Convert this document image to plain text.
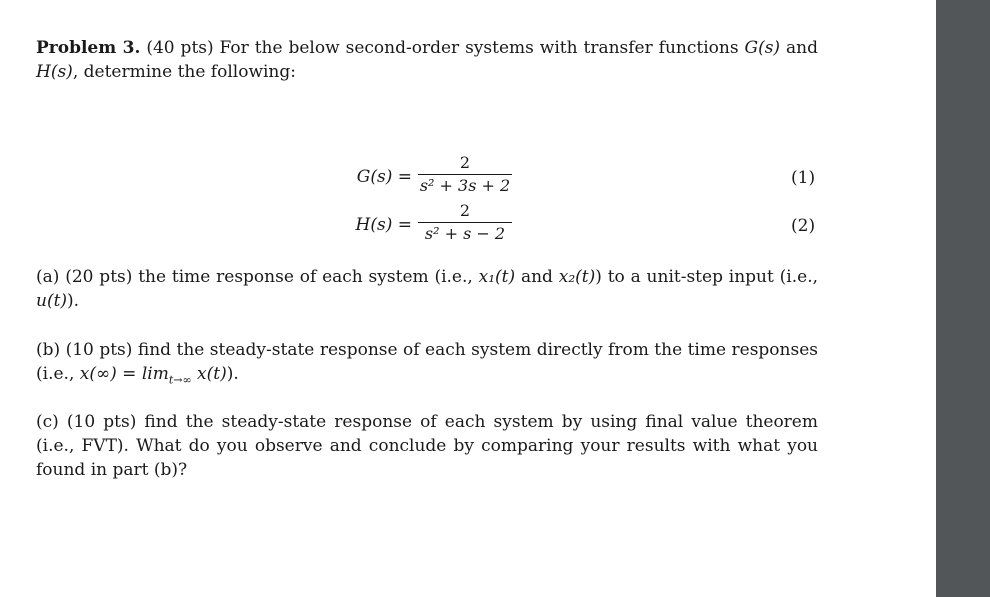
Problem 3. (40 pts) For the below second-order systems with transfer functions G(s) and H(s), determine the following:

G(s) =
2
s² + 3s + 2	(1)
H(s) =
2
s² + s − 2	(2)

(a) (20 pts) the time response of each system (i.e., x₁(t) and x₂(t)) to a unit-step input (i.e., u(t)).

(b) (10 pts) find the steady-state response of each system directly from the time responses (i.e., $x(\infty) = \lim_{t\to\infty} x(t)$).

(c) (10 pts) find the steady-state response of each system by using final value theorem (i.e., FVT). What do you observe and conclude by comparing your results with what you found in part (b)?
